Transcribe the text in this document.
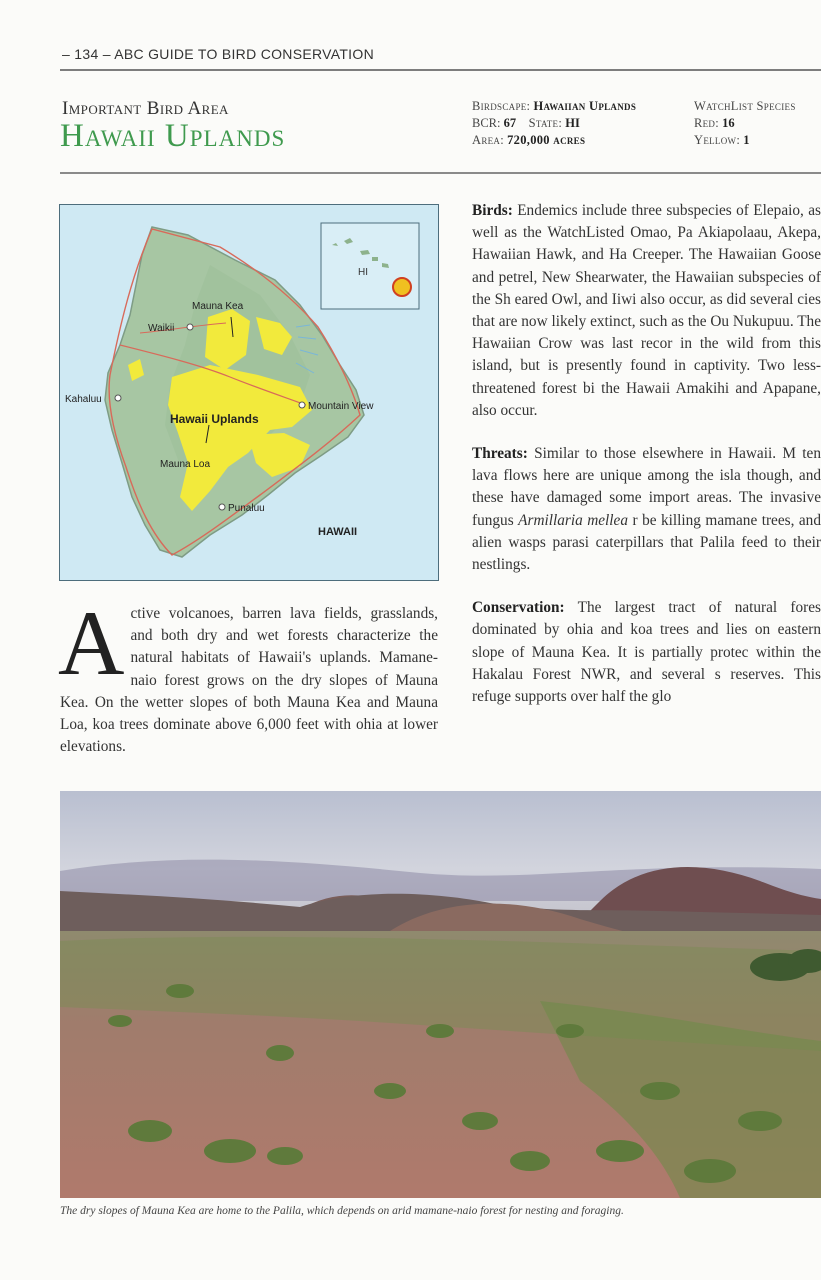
– 134 – ABC GUIDE TO BIRD CONSERVATION
Important Bird Area
Hawaii Uplands
Birdscape: Hawaiian Uplands
BCR: 67 State: HI
Area: 720,000 acres
WatchList Species
Red: 16
Yellow: 1
Mauna Kea
Waikii
Kahaluu
Hawaii Uplands
Mountain View
Mauna Loa
Punaluu
HAWAII
HI
Active volcanoes, barren lava fields, grasslands, and both dry and wet forests characterize the natural habitats of Hawaii's uplands. Mamane-naio forest grows on the dry slopes of Mauna Kea. On the wetter slopes of both Mauna Kea and Mauna Loa, koa trees dominate above 6,000 feet with ohia at lower elevations.

Birds: Endemics include three subspecies of Elepaio, as well as the WatchListed Omao, Pa Akiapolaau, Akepa, Hawaiian Hawk, and Ha Creeper. The Hawaiian Goose and petrel, New Shearwater, the Hawaiian subspecies of the Sh eared Owl, and Iiwi also occur, as did several cies that are now likely extinct, such as the Ou Nukupuu. The Hawaiian Crow was last recor in the wild from this island, but is presently found in captivity. Two less-threatened forest bi the Hawaii Amakihi and Apapane, also occur.

Threats: Similar to those elsewhere in Hawaii. M ten lava flows here are unique among the isla though, and these have damaged some import areas. The invasive fungus Armillaria mellea r be killing mamane trees, and alien wasps parasi caterpillars that Palila feed to their nestlings.

Conservation: The largest tract of natural fores dominated by ohia and koa trees and lies on eastern slope of Mauna Kea. It is partially protec within the Hakalau Forest NWR, and several s reserves. This refuge supports over half the glo

The dry slopes of Mauna Kea are home to the Palila, which depends on arid mamane-naio forest for nesting and foraging.
